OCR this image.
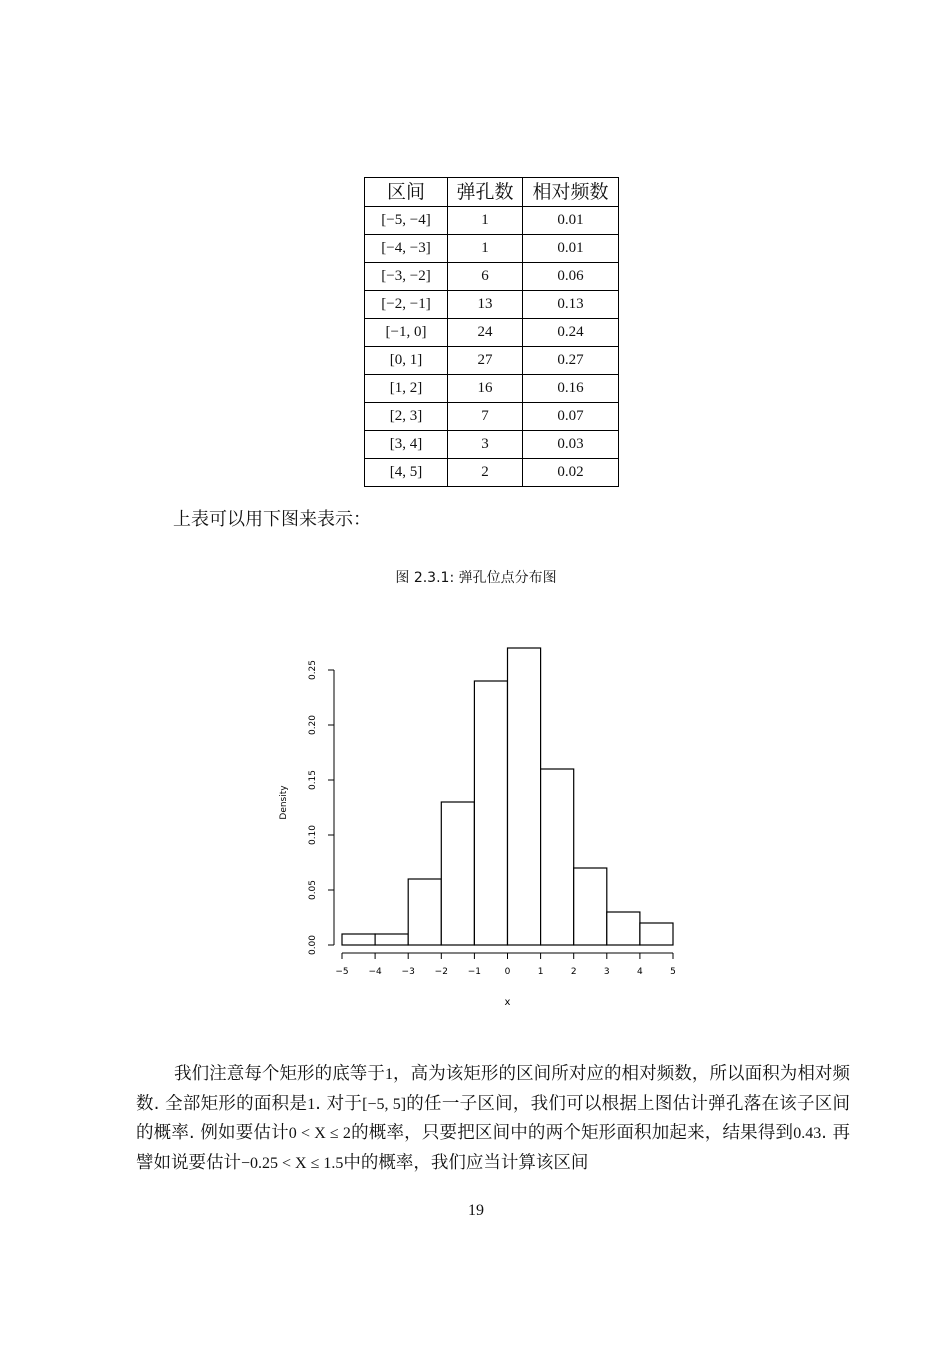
区间	弹孔数	相对频数
[−5, −4]	1	0.01
[−4, −3]	1	0.01
[−3, −2]	6	0.06
[−2, −1]	13	0.13
[−1, 0]	24	0.24
[0, 1]	27	0.27
[1, 2]	16	0.16
[2, 3]	7	0.07
[3, 4]	3	0.03
[4, 5]	2	0.02
上表可以用下图来表示：
图 2.3.1: 弹孔位点分布图
−5 −4 −3 −2 −1	0	1	2	3	4	5
0.00
0.05
0.10
0.15
0.20
0.25
x
Density
我们注意每个矩形的底等于1，高为该矩形的区间所对应的相对频数，所以面积为相对频数. 全部矩形的面积是1. 对于[−5, 5]的任一子区间，我们可以根据上图估计弹孔落在该子区间的概率. 例如要估计0 < X ≤ 2的概率，只要把区间中的两个矩形面积加起来，结果得到0.43. 再譬如说要估计−0.25 < X ≤ 1.5中的概率，我们应当计算该区间
19
